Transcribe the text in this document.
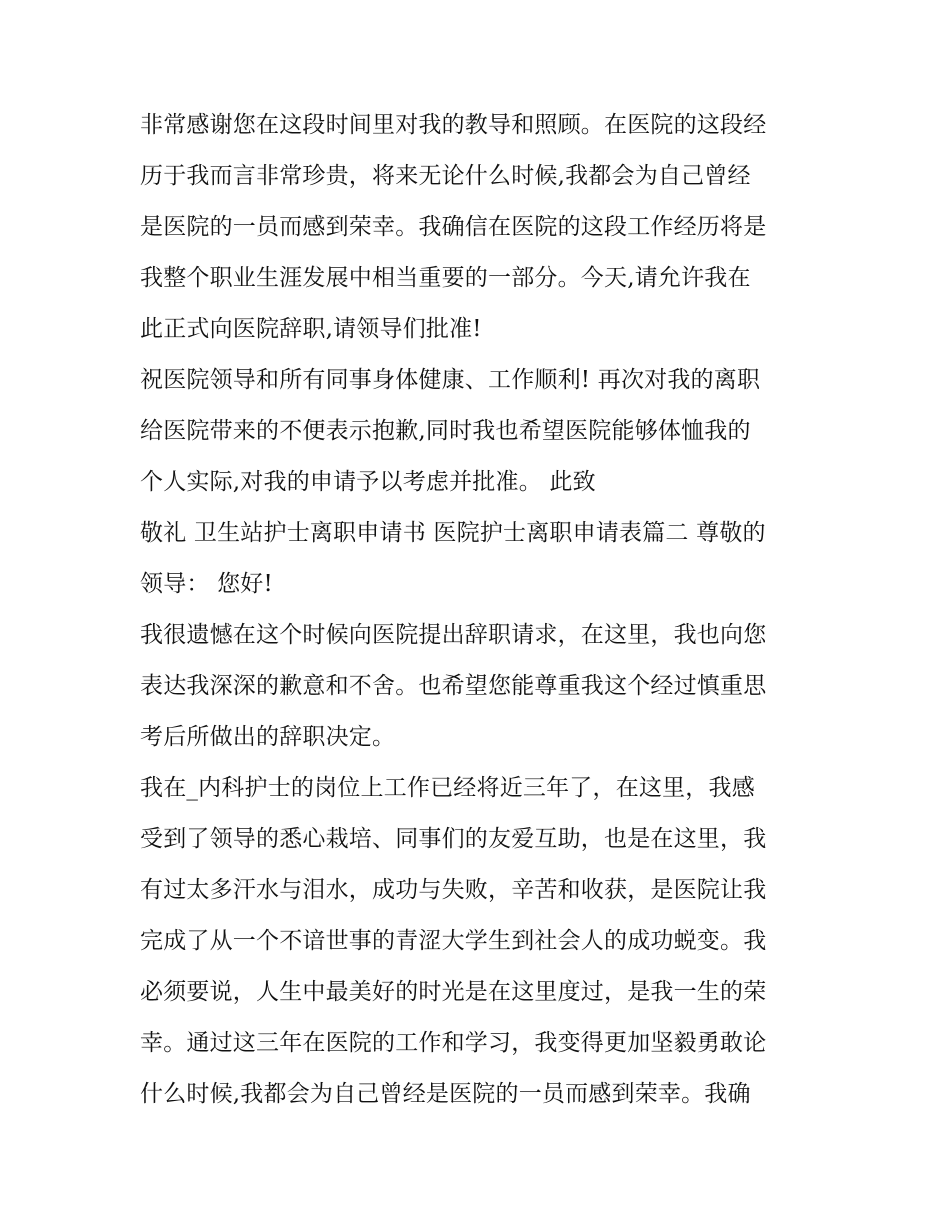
非常感谢您在这段时间里对我的教导和照顾。在医院的这段经
历于我而言非常珍贵，将来无论什么时候,我都会为自己曾经
是医院的一员而感到荣幸。我确信在医院的这段工作经历将是
我整个职业生涯发展中相当重要的一部分。今天,请允许我在
此正式向医院辞职,请领导们批准!
祝医院领导和所有同事身体健康、工作顺利! 再次对我的离职
给医院带来的不便表示抱歉,同时我也希望医院能够体恤我的
个人实际,对我的申请予以考虑并批准。 此致
敬礼 卫生站护士离职申请书 医院护士离职申请表篇二 尊敬的
领导： 您好!
我很遗憾在这个时候向医院提出辞职请求，在这里，我也向您
表达我深深的歉意和不舍。也希望您能尊重我这个经过慎重思
考后所做出的辞职决定。
我在_内科护士的岗位上工作已经将近三年了，在这里，我感
受到了领导的悉心栽培、同事们的友爱互助，也是在这里，我
有过太多汗水与泪水，成功与失败，辛苦和收获，是医院让我
完成了从一个不谙世事的青涩大学生到社会人的成功蜕变。我
必须要说，人生中最美好的时光是在这里度过，是我一生的荣
幸。通过这三年在医院的工作和学习，我变得更加坚毅勇敢论
什么时候,我都会为自己曾经是医院的一员而感到荣幸。我确
